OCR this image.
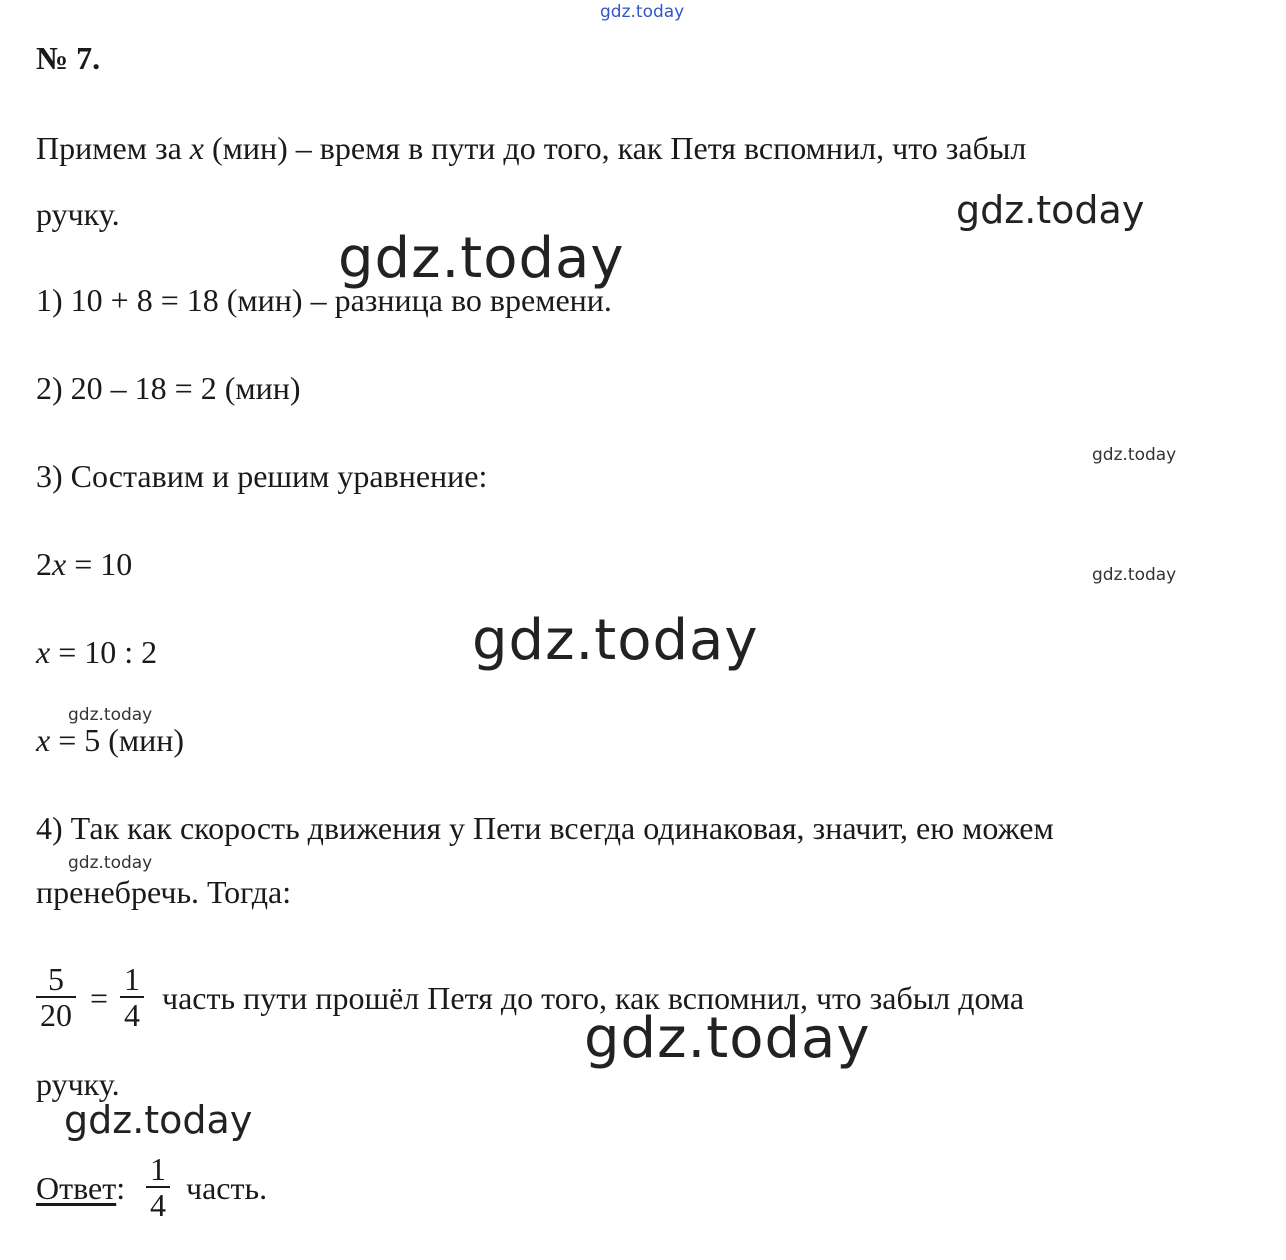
gdz.today
gdz.today
gdz.today
gdz.today
gdz.today
gdz.today
gdz.today
gdz.today
gdz.today
gdz.today
№ 7.
Примем за x (мин) – время в пути до того, как Петя вспомнил, что забыл
ручку.
1) 10 + 8 = 18 (мин) – разница во времени.
2) 20 – 18 = 2 (мин)
3) Составим и решим уравнение:
2x = 10
x = 10 : 2
x = 5 (мин)
4) Так как скорость движения у Пети всегда одинаковая, значит, ею можем
пренебречь. Тогда:
$\frac{5}{20} = \frac{1}{4}$ часть пути прошёл Петя до того, как вспомнил, что забыл дома
ручку.
Ответ: $\frac{1}{4}$ часть.
